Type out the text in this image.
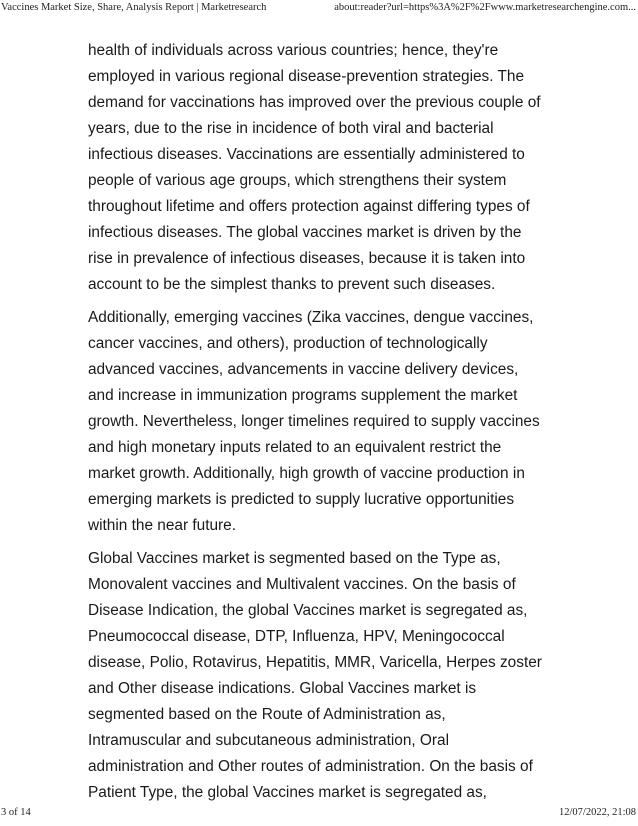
Vaccines Market Size, Share, Analysis Report | Marketresearch	about:reader?url=https%3A%2F%2Fwww.marketresearchengine.com...

health of individuals across various countries; hence, they're
employed in various regional disease-prevention strategies. The
demand for vaccinations has improved over the previous couple of
years, due to the rise in incidence of both viral and bacterial
infectious diseases. Vaccinations are essentially administered to
people of various age groups, which strengthens their system
throughout lifetime and offers protection against differing types of
infectious diseases. The global vaccines market is driven by the
rise in prevalence of infectious diseases, because it is taken into
account to be the simplest thanks to prevent such diseases.

Additionally, emerging vaccines (Zika vaccines, dengue vaccines,
cancer vaccines, and others), production of technologically
advanced vaccines, advancements in vaccine delivery devices,
and increase in immunization programs supplement the market
growth. Nevertheless, longer timelines required to supply vaccines
and high monetary inputs related to an equivalent restrict the
market growth. Additionally, high growth of vaccine production in
emerging markets is predicted to supply lucrative opportunities
within the near future.

Global Vaccines market is segmented based on the Type as,
Monovalent vaccines and Multivalent vaccines. On the basis of
Disease Indication, the global Vaccines market is segregated as,
Pneumococcal disease, DTP, Influenza, HPV, Meningococcal
disease, Polio, Rotavirus, Hepatitis, MMR, Varicella, Herpes zoster
and Other disease indications. Global Vaccines market is
segmented based on the Route of Administration as,
Intramuscular and subcutaneous administration, Oral
administration and Other routes of administration. On the basis of
Patient Type, the global Vaccines market is segregated as,

3 of 14	12/07/2022, 21:08
